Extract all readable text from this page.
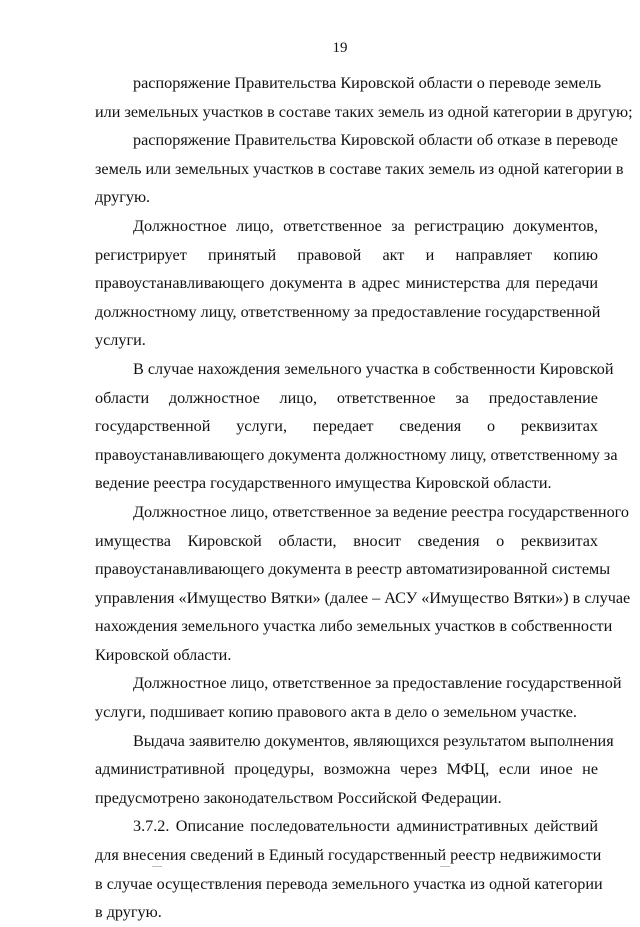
19
распоряжение Правительства Кировской области о переводе земель
или земельных участков в составе таких земель из одной категории в другую;
распоряжение Правительства Кировской области об отказе в переводе
земель или земельных участков в составе таких земель из одной категории в
другую.
Должностное лицо, ответственное за регистрацию документов,
регистрирует принятый правовой акт и направляет копию
правоустанавливающего документа в адрес министерства для передачи
должностному лицу, ответственному за предоставление государственной
услуги.
В случае нахождения земельного участка в собственности Кировской
области должностное лицо, ответственное за предоставление
государственной услуги, передает сведения о реквизитах
правоустанавливающего документа должностному лицу, ответственному за
ведение реестра государственного имущества Кировской области.
Должностное лицо, ответственное за ведение реестра государственного
имущества Кировской области, вносит сведения о реквизитах
правоустанавливающего документа в реестр автоматизированной системы
управления «Имущество Вятки» (далее – АСУ «Имущество Вятки») в случае
нахождения земельного участка либо земельных участков в собственности
Кировской области.
Должностное лицо, ответственное за предоставление государственной
услуги, подшивает копию правового акта в дело о земельном участке.
Выдача заявителю документов, являющихся результатом выполнения
административной процедуры, возможна через МФЦ, если иное не
предусмотрено законодательством Российской Федерации.
3.7.2. Описание последовательности административных действий
для внесения сведений в Единый государственный реестр недвижимости
в случае осуществления перевода земельного участка из одной категории
в другую.
